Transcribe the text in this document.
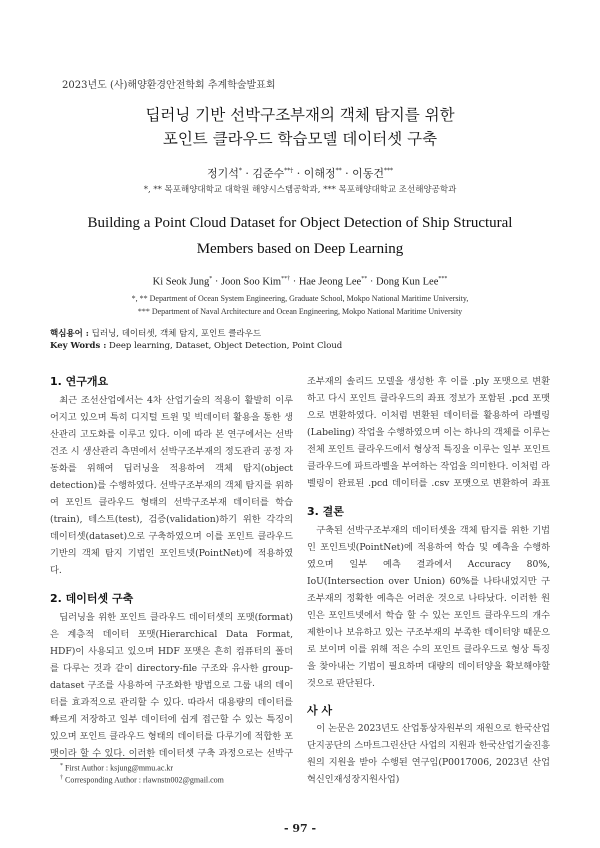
2023년도 (사)해양환경안전학회 추계학술발표회
딥러닝 기반 선박구조부재의 객체 탐지를 위한
포인트 클라우드 학습모델 데이터셋 구축
정기석* · 김준수**† · 이해정** · 이동건***
*, ** 목포해양대학교 대학원 해양시스템공학과, *** 목포해양대학교 조선해양공학과
Building a Point Cloud Dataset for Object Detection of Ship Structural
Members based on Deep Learning
Ki Seok Jung* · Joon Soo Kim**† · Hae Jeong Lee** · Dong Kun Lee***
*, ** Department of Ocean System Engineering, Graduate School, Mokpo National Maritime University,
*** Department of Naval Architecture and Ocean Engineering, Mokpo National Maritime University
핵심용어 : 딥러닝, 데이터셋, 객체 탐지, 포인트 클라우드
Key Words : Deep learning, Dataset, Object Detection, Point Cloud
1. 연구개요

최근 조선산업에서는 4차 산업기술의 적용이 활발히 이루어지고 있으며 특히 디지털 트윈 및 빅데이터 활용을 통한 생산관리 고도화를 이루고 있다. 이에 따라 본 연구에서는 선박 건조 시 생산관리 측면에서 선박구조부재의 정도관리 공정 자동화를 위해여 딥러닝을 적용하여 객체 탐지(object detection)를 수행하였다. 선박구조부재의 객체 탐지를 위하여 포인트 클라우드 형태의 선박구조부재 데이터를 학습(train), 테스트(test), 검증(validation)하기 위한 각각의 데이터셋(dataset)으로 구축하였으며 이를 포인트 클라우드 기반의 객체 탐지 기법인 포인트넷(PointNet)에 적용하였다.

2. 데이터셋 구축

딥러닝을 위한 포인트 클라우드 데이터셋의 포맷(format)은 계층적 데이터 포맷(Hierarchical Data Format, HDF)이 사용되고 있으며 HDF 포맷은 흔히 컴퓨터의 폴더를 다루는 것과 같이 directory-file 구조와 유사한 group-dataset 구조를 사용하여 구조화한 방법으로 그룹 내의 데이터를 효과적으로 관리할 수 있다. 따라서 대용량의 데이터를 빠르게 저장하고 일부 데이터에 쉽게 접근할 수 있는 특징이 있으며 포인트 클라우드 형태의 데이터를 다루기에 적합한 포맷이라 할 수 있다. 이러한 데이터셋 구축 과정으로는 선박구

조부재의 솔리드 모델을 생성한 후 이를 .ply 포맷으로 변환하고 다시 포인트 클라우드의 좌표 정보가 포함된 .pcd 포맷으로 변환하였다. 이처럼 변환된 데이터를 활용하여 라벨링(Labeling) 작업을 수행하였으며 이는 하나의 객체를 이루는 전체 포인트 클라우드에서 형상적 특징을 이루는 일부 포인트 클라우드에 파트라벨을 부여하는 작업을 의미한다. 이처럼 라벨링이 완료된 .pcd 데이터를 .csv 포맷으로 변환하여 좌표

3. 결론

구축된 선박구조부재의 데이터셋을 객체 탐지를 위한 기법인 포인트넷(PointNet)에 적용하여 학습 및 예측을 수행하였으며 일부 예측 결과에서 Accuracy 80%, IoU(Intersection over Union) 60%를 나타내었지만 구조부재의 정확한 예측은 어려운 것으로 나타났다. 이러한 원인은 포인트넷에서 학습 할 수 있는 포인트 클라우드의 개수 제한이나 보유하고 있는 구조부재의 부족한 데이터양 때문으로 보이며 이를 위해 적은 수의 포인트 클라우드로 형상 특징을 찾아내는 기법이 필요하며 대량의 데이터양을 확보해야할 것으로 판단된다.

사 사

이 논문은 2023년도 산업통상자원부의 재원으로 한국산업단지공단의 스마트그린산단 사업의 지원과 한국산업기술진흥원의 지원을 받아 수행된 연구임(P0017006, 2023년 산업혁신인재성장지원사업)

* First Author : ksjung@mmu.ac.kr
† Corresponding Author : rlawnstn002@gmail.com
- 97 -
